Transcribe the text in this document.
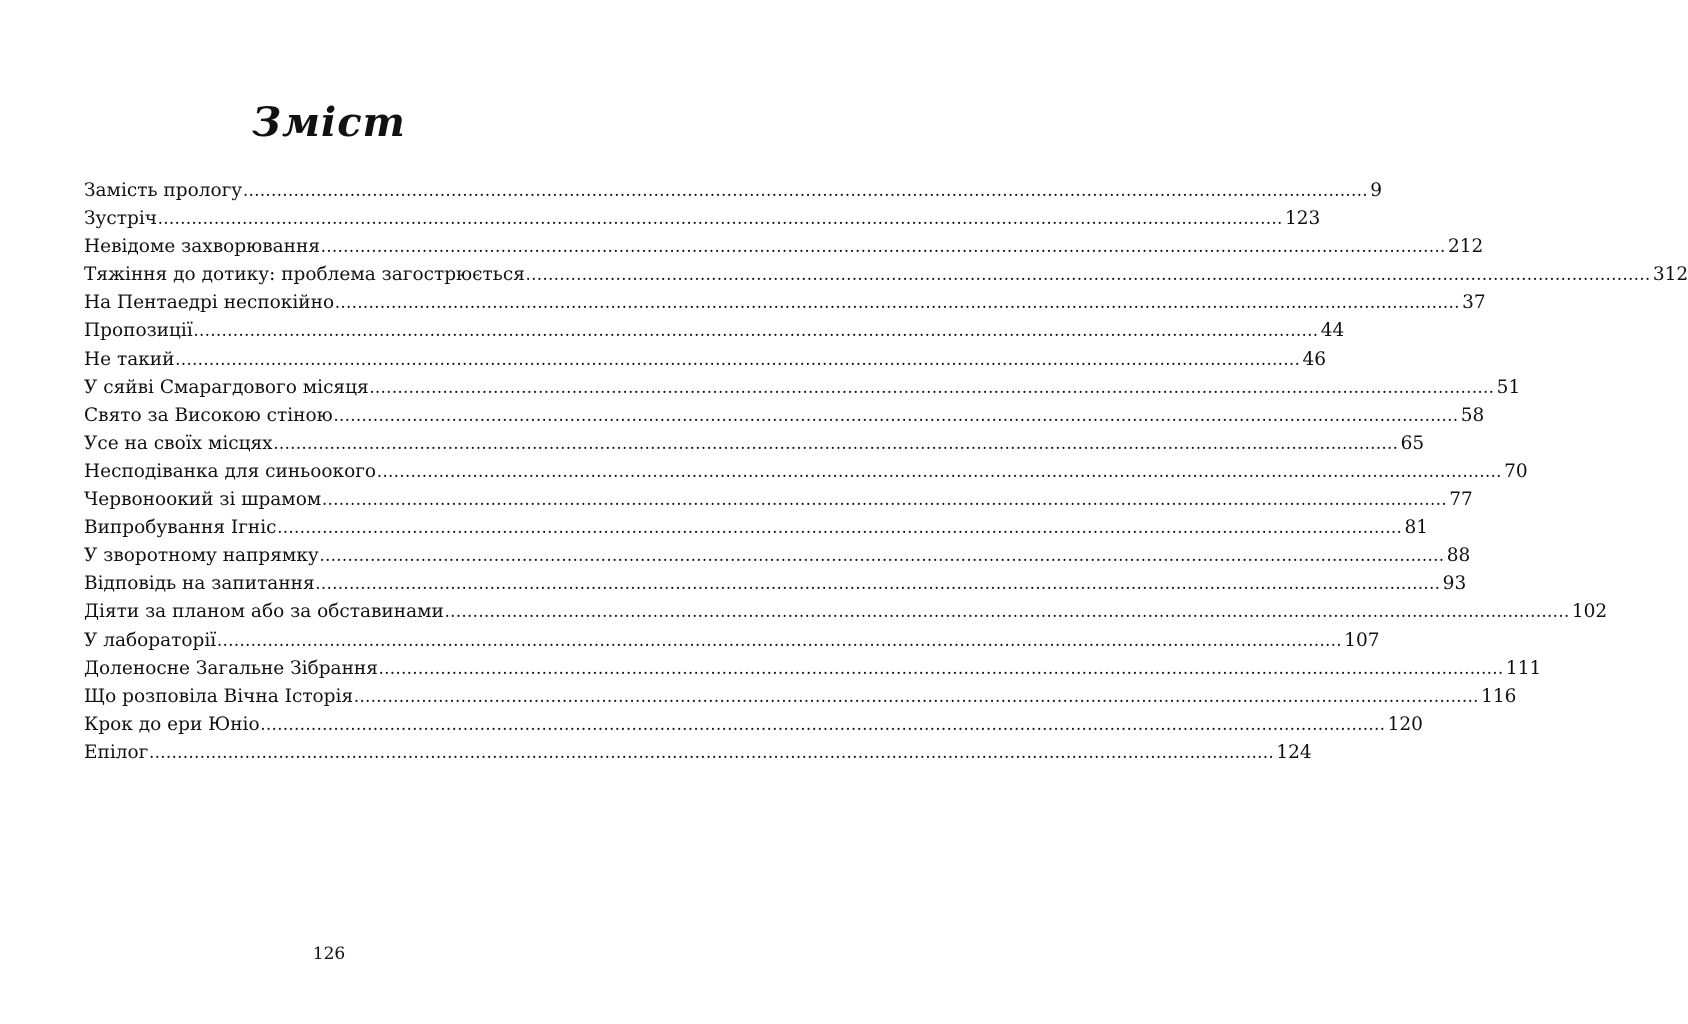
Зміст
Замість прологу ........................................................................................................................................................................................................ 9
Зустріч ........................................................................................................................................................................................................ 123
Невідоме захворювання ........................................................................................................................................................................................................ 212
Тяжіння до дотику: проблема загострюється ........................................................................................................................................................................................................ 312
На Пентаедрі неспокійно ........................................................................................................................................................................................................ 37
Пропозиції ........................................................................................................................................................................................................ 44
Не такий ........................................................................................................................................................................................................ 46
У сяйві Смарагдового місяця ........................................................................................................................................................................................................ 51
Свято за Високою стіною ........................................................................................................................................................................................................ 58
Усе на своїх місцях ........................................................................................................................................................................................................ 65
Несподіванка для синьоокого ........................................................................................................................................................................................................ 70
Червоноокий зі шрамом ........................................................................................................................................................................................................ 77
Випробування Ігніс ........................................................................................................................................................................................................ 81
У зворотному напрямку ........................................................................................................................................................................................................ 88
Відповідь на запитання ........................................................................................................................................................................................................ 93
Діяти за планом або за обставинами ........................................................................................................................................................................................................ 102
У лабораторії ........................................................................................................................................................................................................ 107
Доленосне Загальне Зібрання ........................................................................................................................................................................................................ 111
Що розповіла Вічна Історія ........................................................................................................................................................................................................ 116
Крок до ери Юніо ........................................................................................................................................................................................................ 120
Епілог ........................................................................................................................................................................................................ 124
126
